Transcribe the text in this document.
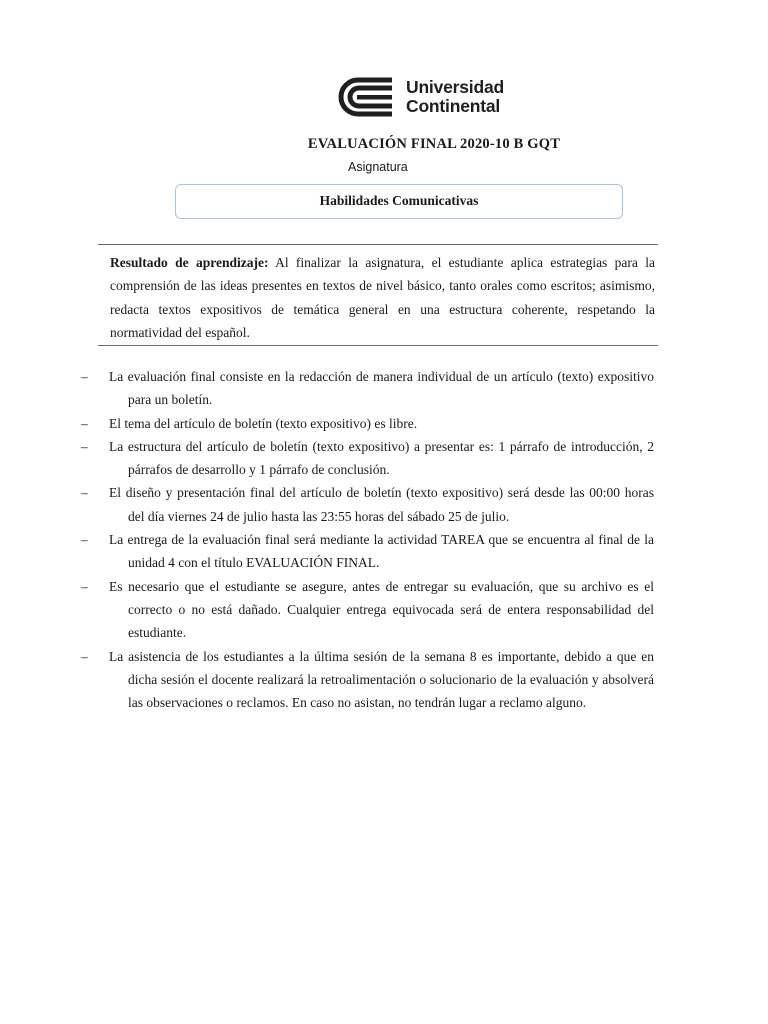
Universidad
Continental
EVALUACIÓN FINAL 2020-10 B GQT
Asignatura
Habilidades Comunicativas

Resultado de aprendizaje: Al finalizar la asignatura, el estudiante aplica estrategias para la comprensión de las ideas presentes en textos de nivel básico, tanto orales como escritos; asimismo, redacta textos expositivos de temática general en una estructura coherente, respetando la normatividad del español.

–	La evaluación final consiste en la redacción de manera individual de un artículo (texto) expositivo para un boletín.
–	El tema del artículo de boletín (texto expositivo) es libre.
–	La estructura del artículo de boletín (texto expositivo) a presentar es: 1 párrafo de introducción, 2 párrafos de desarrollo y 1 párrafo de conclusión.
–	El diseño y presentación final del artículo de boletín (texto expositivo) será desde las 00:00 horas del día viernes 24 de julio hasta las 23:55 horas del sábado 25 de julio.
–	La entrega de la evaluación final será mediante la actividad TAREA que se encuentra al final de la unidad 4 con el título EVALUACIÓN FINAL.
–	Es necesario que el estudiante se asegure, antes de entregar su evaluación, que su archivo es el correcto o no está dañado. Cualquier entrega equivocada será de entera responsabilidad del estudiante.
–	La asistencia de los estudiantes a la última sesión de la semana 8 es importante, debido a que en dicha sesión el docente realizará la retroalimentación o solucionario de la evaluación y absolverá las observaciones o reclamos. En caso no asistan, no tendrán lugar a reclamo alguno.
